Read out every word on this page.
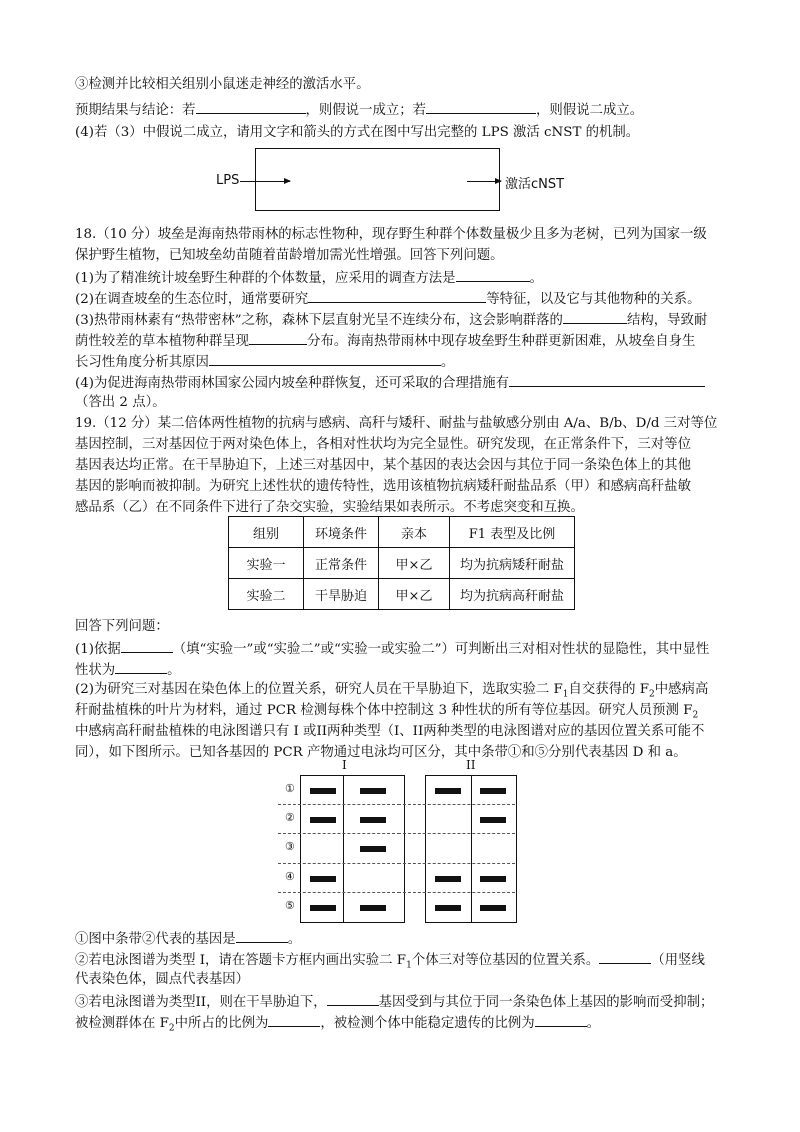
③检测并比较相关组别小鼠迷走神经的激活水平。
预期结果与结论：若	，则假说一成立；若	，则假说二成立。
(4)若（3）中假说二成立，请用文字和箭头的方式在图中写出完整的 LPS 激活 cNST 的机制。
LPS	激活cNST
18.（10 分）坡垒是海南热带雨林的标志性物种，现存野生种群个体数量极少且多为老树，已列为国家一级
保护野生植物，已知坡垒幼苗随着苗龄增加需光性增强。回答下列问题。
(1)为了精准统计坡垒野生种群的个体数量，应采用的调查方法是	。
(2)在调查坡垒的生态位时，通常要研究	等特征，以及它与其他物种的关系。
(3)热带雨林素有“热带密林”之称，森林下层直射光呈不连续分布，这会影响群落的	结构，导致耐
荫性较差的草本植物种群呈现	分布。海南热带雨林中现存坡垒野生种群更新困难，从坡垒自身生
长习性角度分析其原因	。
(4)为促进海南热带雨林国家公园内坡垒种群恢复，还可采取的合理措施有
（答出 2 点）。
19.（12 分）某二倍体两性植物的抗病与感病、高秆与矮秆、耐盐与盐敏感分别由 A/a、B/b、D/d 三对等位
基因控制，三对基因位于两对染色体上，各相对性状均为完全显性。研究发现，在正常条件下，三对等位
基因表达均正常。在干旱胁迫下，上述三对基因中，某个基因的表达会因与其位于同一条染色体上的其他
基因的影响而被抑制。为研究上述性状的遗传特性，选用该植物抗病矮秆耐盐品系（甲）和感病高秆盐敏
感品系（乙）在不同条件下进行了杂交实验，实验结果如表所示。不考虑突变和互换。
组别	环境条件	亲本	F1 表型及比例
实验一	正常条件	甲×乙	均为抗病矮秆耐盐
实验二	干旱胁迫	甲×乙	均为抗病高秆耐盐
回答下列问题：
(1)依据	（填“实验一”或“实验二”或“实验一或实验二”）可判断出三对相对性状的显隐性，其中显性
性状为	。
(2)为研究三对基因在染色体上的位置关系，研究人员在干旱胁迫下，选取实验二 $F_1$自交获得的 $F_2$中感病高
秆耐盐植株的叶片为材料，通过 PCR 检测每株个体中控制这 3 种性状的所有等位基因。研究人员预测 $F_2$
中感病高秆耐盐植株的电泳图谱只有 I 或II两种类型（I、II两种类型的电泳图谱对应的基因位置关系可能不
同），如下图所示。已知各基因的 PCR 产物通过电泳均可区分，其中条带①和⑤分别代表基因 D 和 a。
I	II
①
②
③
④
⑤
①图中条带②代表的基因是	。
②若电泳图谱为类型 I，请在答题卡方框内画出实验二 $F_1$个体三对等位基因的位置关系。	（用竖线
代表染色体，圆点代表基因）
③若电泳图谱为类型II，则在干旱胁迫下，	基因受到与其位于同一条染色体上基因的影响而受抑制；
被检测群体在 $F_2$中所占的比例为	，被检测个体中能稳定遗传的比例为	。
